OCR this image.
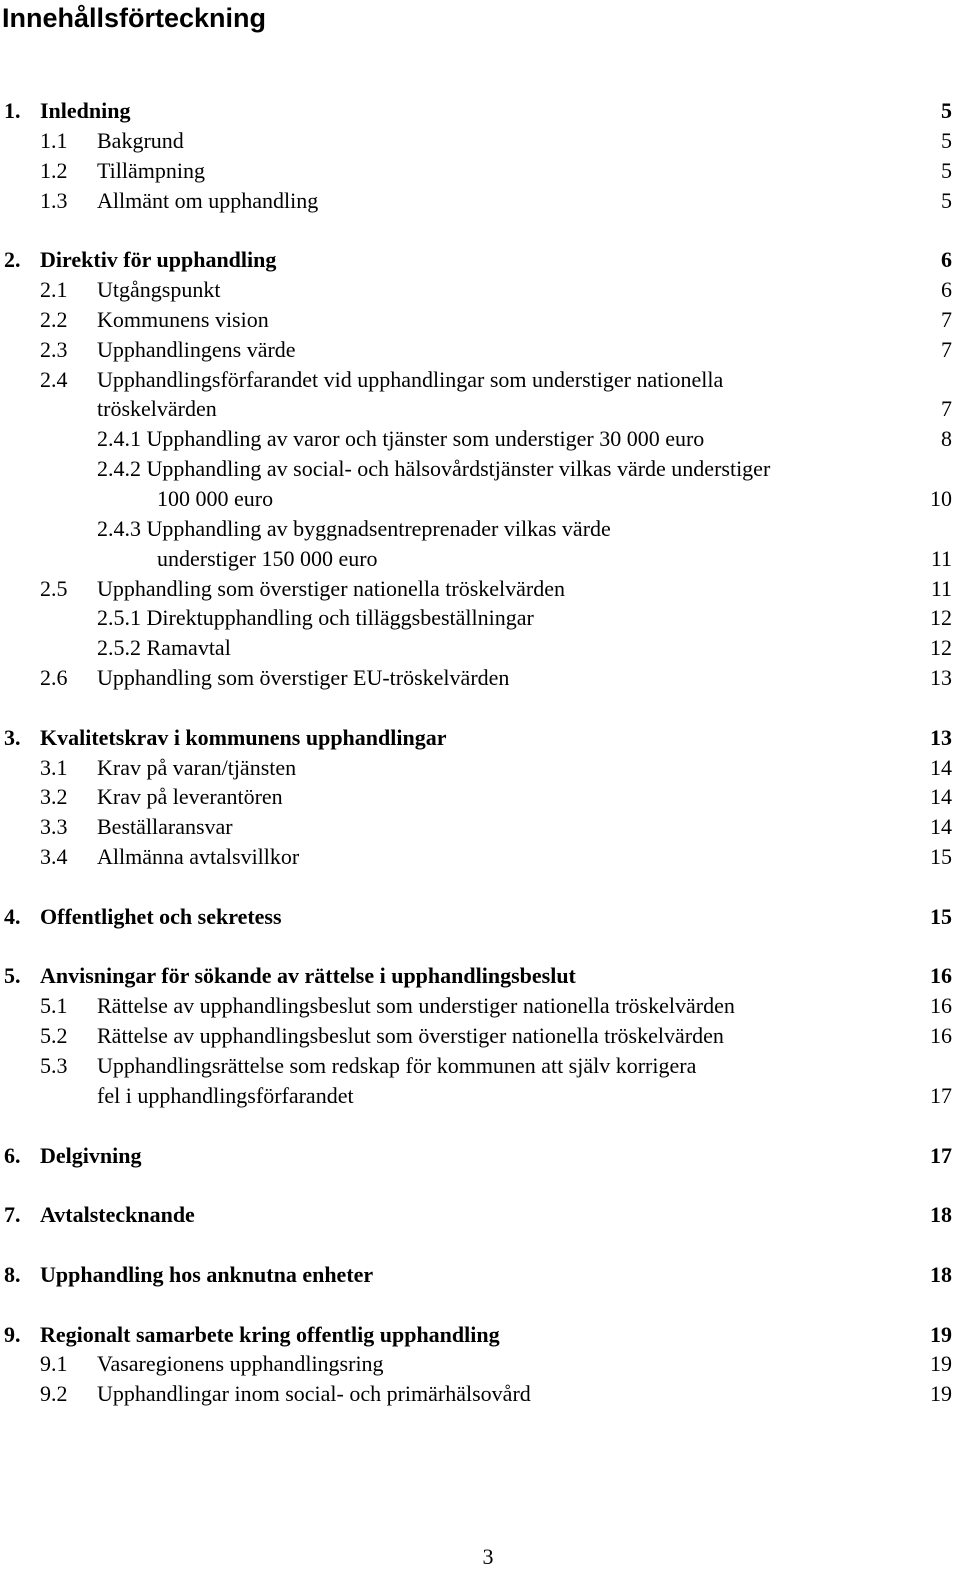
Innehållsförteckning
1. Inledning	5
1.1 Bakgrund	5
1.2 Tillämpning	5
1.3 Allmänt om upphandling	5
2. Direktiv för upphandling	6
2.1 Utgångspunkt	6
2.2 Kommunens vision	7
2.3 Upphandlingens värde	7
2.4 Upphandlingsförfarandet vid upphandlingar som understiger nationella
tröskelvärden	7
2.4.1 Upphandling av varor och tjänster som understiger 30 000 euro	8
2.4.2 Upphandling av social- och hälsovårdstjänster vilkas värde understiger
100 000 euro	10
2.4.3 Upphandling av byggnadsentreprenader vilkas värde
understiger 150 000 euro	11
2.5 Upphandling som överstiger nationella tröskelvärden	11
2.5.1 Direktupphandling och tilläggsbeställningar	12
2.5.2 Ramavtal	12
2.6 Upphandling som överstiger EU-tröskelvärden	13
3. Kvalitetskrav i kommunens upphandlingar	13
3.1 Krav på varan/tjänsten	14
3.2 Krav på leverantören	14
3.3 Beställaransvar	14
3.4 Allmänna avtalsvillkor	15
4. Offentlighet och sekretess	15
5. Anvisningar för sökande av rättelse i upphandlingsbeslut	16
5.1 Rättelse av upphandlingsbeslut som understiger nationella tröskelvärden	16
5.2 Rättelse av upphandlingsbeslut som överstiger nationella tröskelvärden	16
5.3 Upphandlingsrättelse som redskap för kommunen att själv korrigera
fel i upphandlingsförfarandet	17
6. Delgivning	17
7. Avtalstecknande	18
8. Upphandling hos anknutna enheter	18
9. Regionalt samarbete kring offentlig upphandling	19
9.1 Vasaregionens upphandlingsring	19
9.2 Upphandlingar inom social- och primärhälsovård	19
3
